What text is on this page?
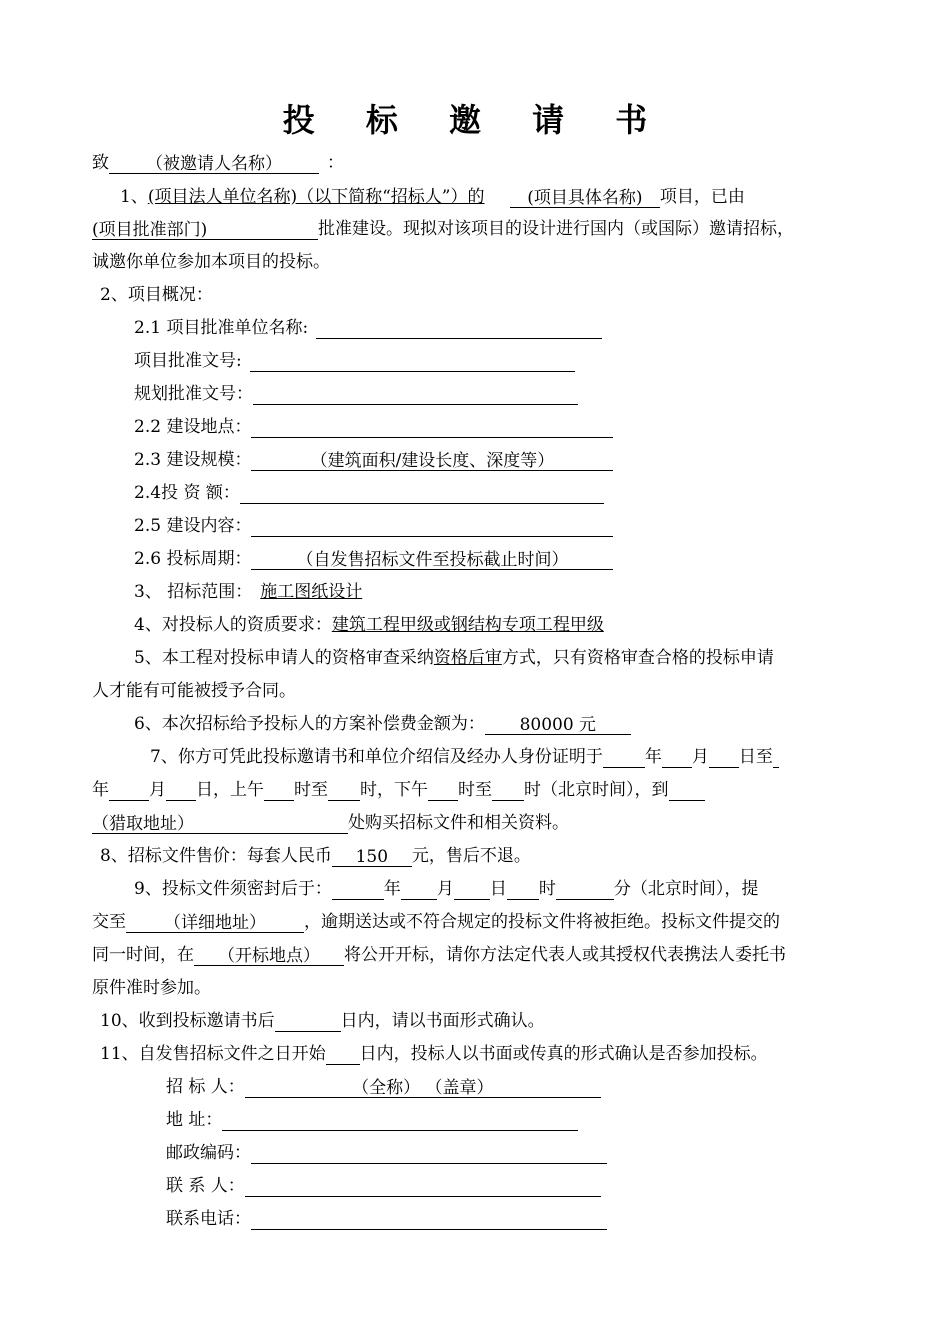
投 标 邀 请 书
致 （被邀请人名称）	：
1、(项目法人单位名称)（以下简称“招标人”）的	(项目具体名称) 项目，已由
(项目批准部门)	批准建设。现拟对该项目的设计进行国内（或国际）邀请招标，
诚邀你单位参加本项目的投标。
2、项目概况：
2.1 项目批准单位名称:
项目批准文号:
规划批准文号：
2.2 建设地点：
2.3 建设规模：	（建筑面积/建设长度、深度等）
2.4投 资 额：
2.5 建设内容：
2.6 投标周期：	（自发售招标文件至投标截止时间）
3、 招标范围： 施工图纸设计
4、对投标人的资质要求：建筑工程甲级或钢结构专项工程甲级
5、本工程对投标申请人的资格审查采纳资格后审方式，只有资格审查合格的投标申请
人才能有可能被授予合同。
6、本次招标给予投标人的方案补偿费金额为： 80000 元
7、你方可凭此投标邀请书和单位介绍信及经办人身份证明于 年 月 日至
年 月 日，上午 时至 时，下午 时至 时（北京时间），到
（猎取地址）	处购买招标文件和相关资料。
8、招标文件售价：每套人民币 150 元，售后不退。
9、投标文件须密封后于：	年 月 日 时	分（北京时间），提
交至 （详细地址） ，逾期送达或不符合规定的投标文件将被拒绝。投标文件提交的
同一时间，在 （开标地点） 将公开开标，请你方法定代表人或其授权代表携法人委托书
原件准时参加。
10、收到投标邀请书后	日内，请以书面形式确认。
11、自发售招标文件之日开始 日内，投标人以书面或传真的形式确认是否参加投标。
招 标 人：	（全称） （盖章）
地 址：
邮政编码：
联 系 人：
联系电话：
